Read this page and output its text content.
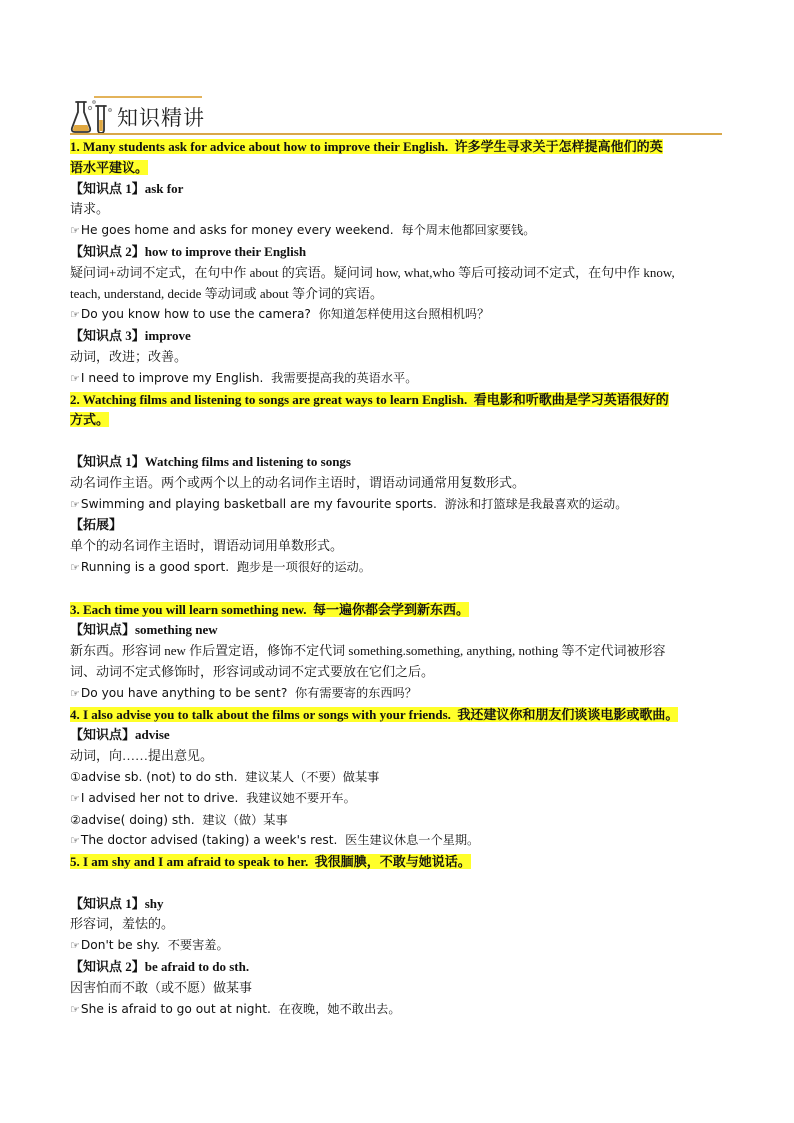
知识精讲
1. Many students ask for advice about how to improve their English.  许多学生寻求关于怎样提高他们的英
语水平建议。
【知识点 1】ask for
请求。
☞He goes home and asks for money every weekend.  每个周末他都回家要钱。
【知识点 2】how to improve their English
疑问词+动词不定式，在句中作 about 的宾语。疑问词 how, what,who 等后可接动词不定式，在句中作 know,
teach, understand, decide 等动词或 about 等介词的宾语。
☞Do you know how to use the camera?  你知道怎样使用这台照相机吗？
【知识点 3】improve
动词，改进；改善。
☞I need to improve my English.  我需要提高我的英语水平。
2. Watching films and listening to songs are great ways to learn English.  看电影和听歌曲是学习英语很好的
方式。
【知识点 1】Watching films and listening to songs
动名词作主语。两个或两个以上的动名词作主语时，谓语动词通常用复数形式。
☞Swimming and playing basketball are my favourite sports.  游泳和打篮球是我最喜欢的运动。
【拓展】
单个的动名词作主语时，谓语动词用单数形式。
☞Running is a good sport.  跑步是一项很好的运动。
3. Each time you will learn something new.  每一遍你都会学到新东西。
【知识点】something new
新东西。形容词 new 作后置定语，修饰不定代词 something.something, anything, nothing 等不定代词被形容
词、动词不定式修饰时，形容词或动词不定式要放在它们之后。
☞Do you have anything to be sent?  你有需要寄的东西吗？
4. I also advise you to talk about the films or songs with your friends.  我还建议你和朋友们谈谈电影或歌曲。
【知识点】advise
动词，向……提出意见。
①advise sb. (not) to do sth.  建议某人（不要）做某事
☞I advised her not to drive.  我建议她不要开车。
②advise( doing) sth.  建议（做）某事
☞The doctor advised (taking) a week's rest.  医生建议休息一个星期。
5. I am shy and I am afraid to speak to her.  我很腼腆，不敢与她说话。
【知识点 1】shy
形容词，羞怯的。
☞Don't be shy.  不要害羞。
【知识点 2】be afraid to do sth.
因害怕而不敢（或不愿）做某事
☞She is afraid to go out at night.  在夜晚，她不敢出去。
